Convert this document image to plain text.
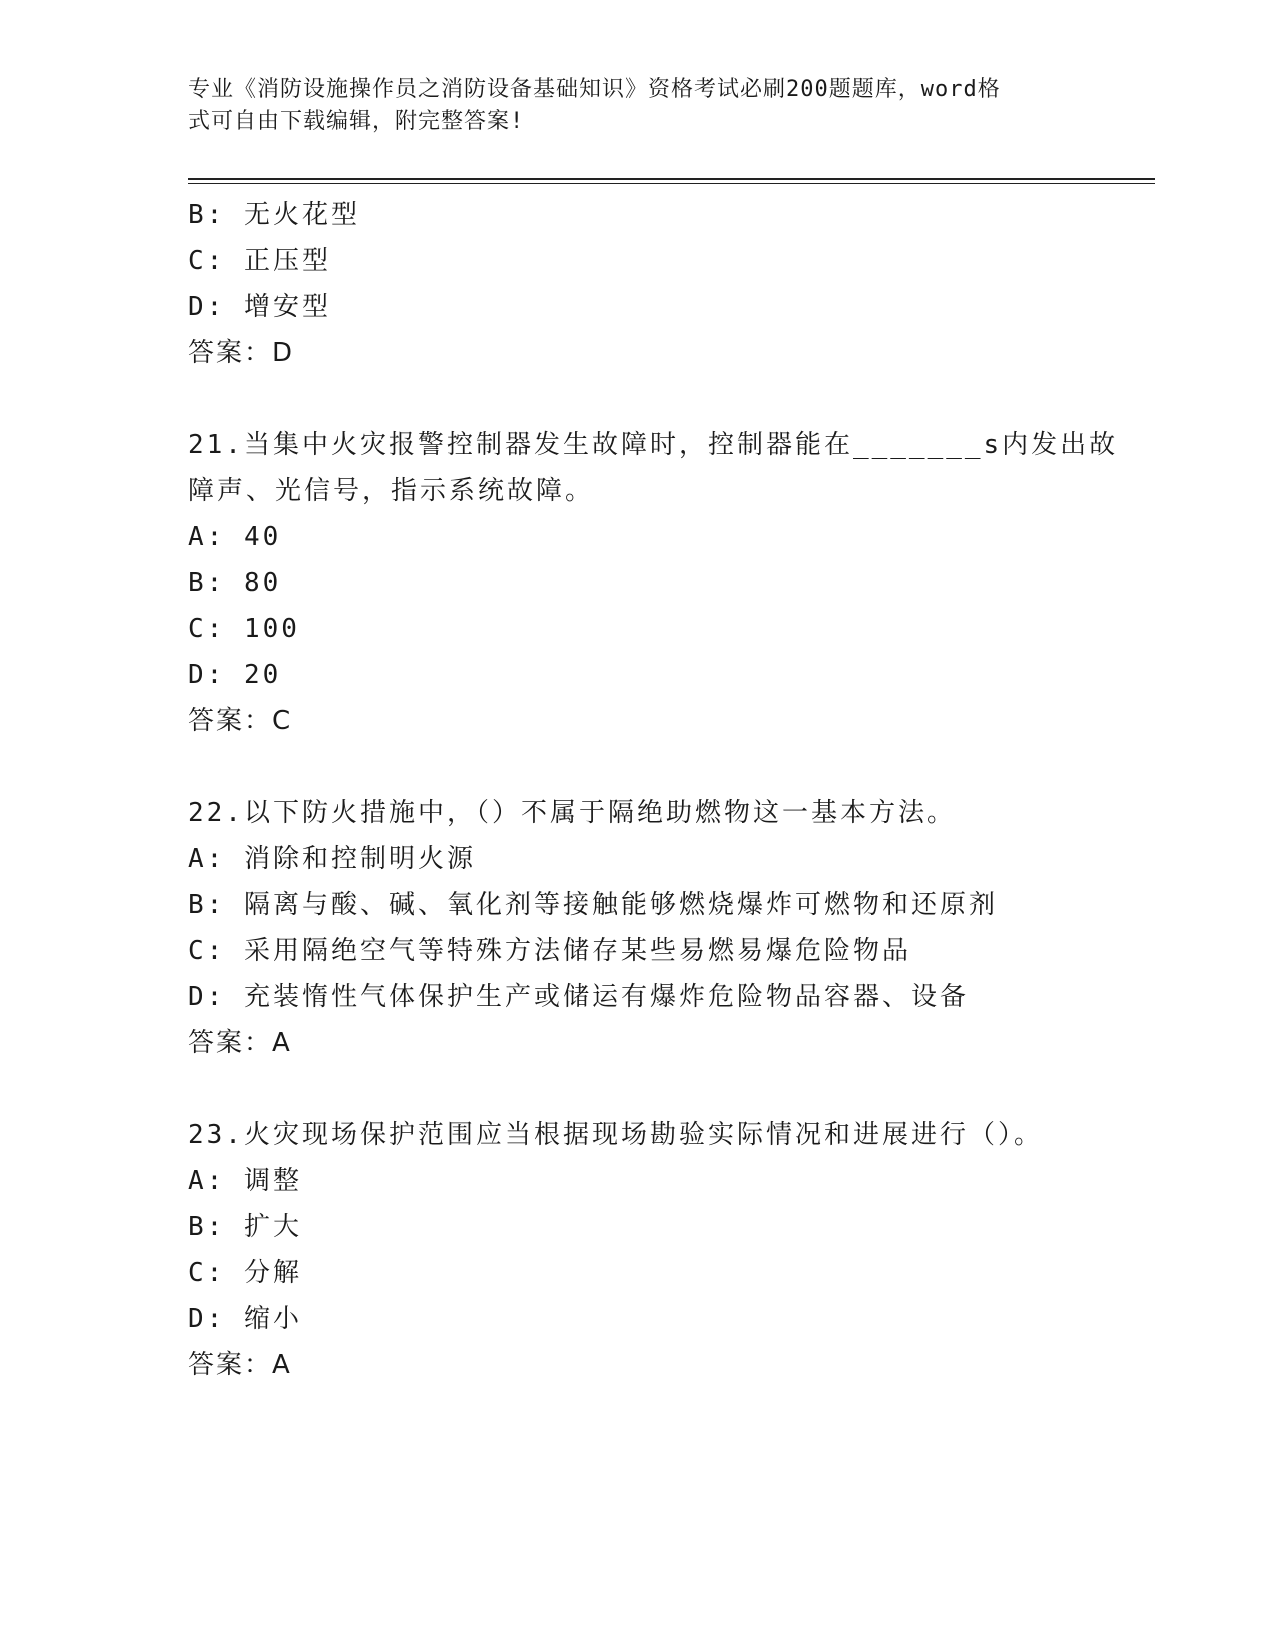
专业《消防设施操作员之消防设备基础知识》资格考试必刷200题题库，word格
式可自由下载编辑，附完整答案!
B: 无火花型
C: 正压型
D: 增安型
答案：D
21.当集中火灾报警控制器发生故障时，控制器能在_______s内发出故
障声、光信号，指示系统故障。
A: 40
B: 80
C: 100
D: 20
答案：C
22.以下防火措施中，（）不属于隔绝助燃物这一基本方法。
A: 消除和控制明火源
B: 隔离与酸、碱、氧化剂等接触能够燃烧爆炸可燃物和还原剂
C: 采用隔绝空气等特殊方法储存某些易燃易爆危险物品
D: 充装惰性气体保护生产或储运有爆炸危险物品容器、设备
答案：A
23.火灾现场保护范围应当根据现场勘验实际情况和进展进行（）。
A: 调整
B: 扩大
C: 分解
D: 缩小
答案：A
